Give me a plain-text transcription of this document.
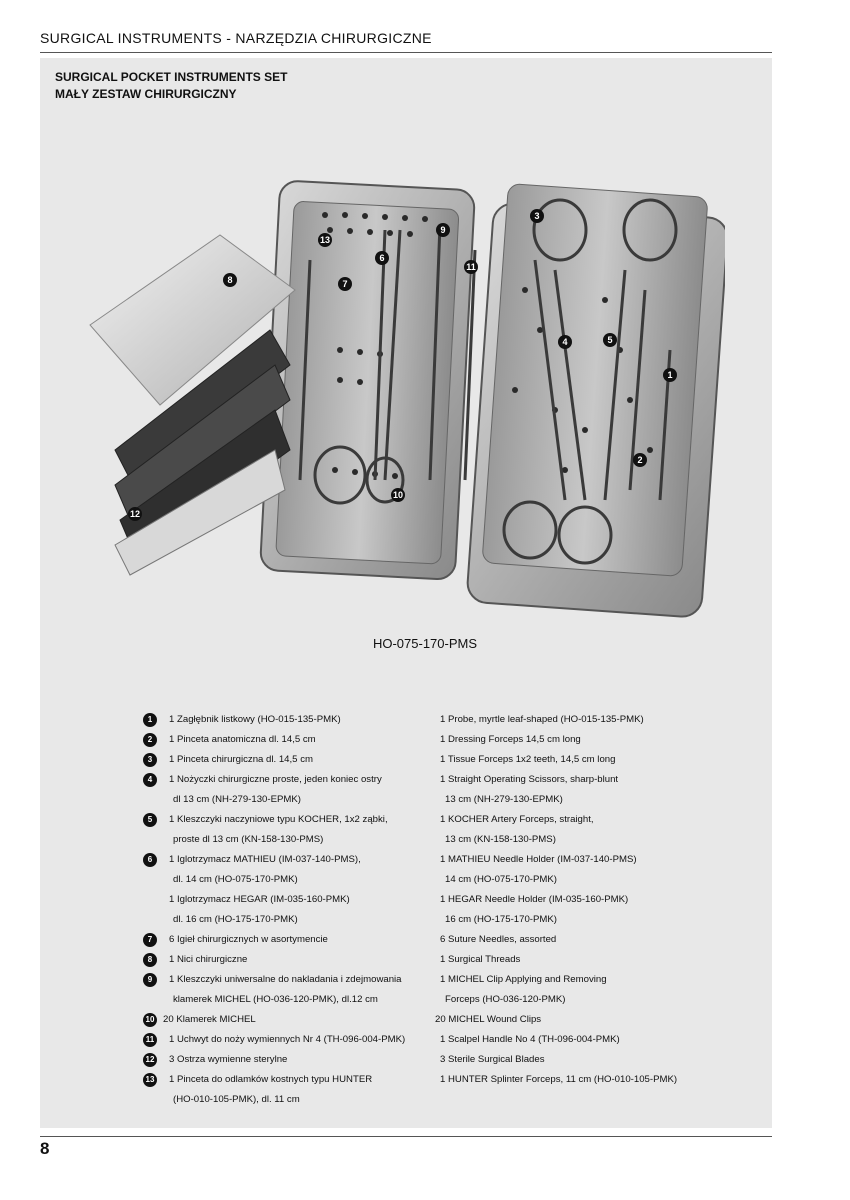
SURGICAL INSTRUMENTS - NARZĘDZIA CHIRURGICZNE
SURGICAL POCKET INSTRUMENTS SET
MAŁY ZESTAW CHIRURGICZNY
1
2
3
4	5
6
7
8
9
10
11
12
13
HO-075-170-PMS
1	1 Zagłębnik listkowy (HO-015-135-PMK)	1 Probe, myrtle leaf-shaped (HO-015-135-PMK)
2	1 Pinceta anatomiczna dl. 14,5 cm	1 Dressing Forceps 14,5 cm long
3	1 Pinceta chirurgiczna dl. 14,5 cm	1 Tissue Forceps 1x2 teeth, 14,5 cm long
4	1 Nożyczki chirurgiczne proste, jeden koniec ostry	1 Straight Operating Scissors, sharp-blunt
dl 13 cm (NH-279-130-EPMK)	13 cm (NH-279-130-EPMK)
5	1 Kleszczyki naczyniowe typu KOCHER, 1x2 ząbki,	1 KOCHER Artery Forceps, straight,
proste dl 13 cm (KN-158-130-PMS)	13 cm (KN-158-130-PMS)
6	1 Iglotrzymacz MATHIEU (IM-037-140-PMS),	1 MATHIEU Needle Holder (IM-037-140-PMS)
dl. 14 cm (HO-075-170-PMK)	14 cm (HO-075-170-PMK)
1 Iglotrzymacz HEGAR (IM-035-160-PMK)	1 HEGAR Needle Holder (IM-035-160-PMK)
dl. 16 cm (HO-175-170-PMK)	16 cm (HO-175-170-PMK)
7	6 Igieł chirurgicznych w asortymencie	6 Suture Needles, assorted
8	1 Nici chirurgiczne	1 Surgical Threads
9	1 Kleszczyki uniwersalne do nakladania i zdejmowania	1 MICHEL Clip Applying and Removing
klamerek MICHEL (HO-036-120-PMK), dl.12 cm	Forceps (HO-036-120-PMK)
10 20 Klamerek MICHEL	20 MICHEL Wound Clips
11 1 Uchwyt do noży wymiennych Nr 4 (TH-096-004-PMK)	1 Scalpel Handle No 4 (TH-096-004-PMK)
12 3 Ostrza wymienne sterylne	3 Sterile Surgical Blades
13 1 Pinceta do odlamków kostnych typu HUNTER	1 HUNTER Splinter Forceps, 11 cm (HO-010-105-PMK)
(HO-010-105-PMK), dl. 11 cm
8
